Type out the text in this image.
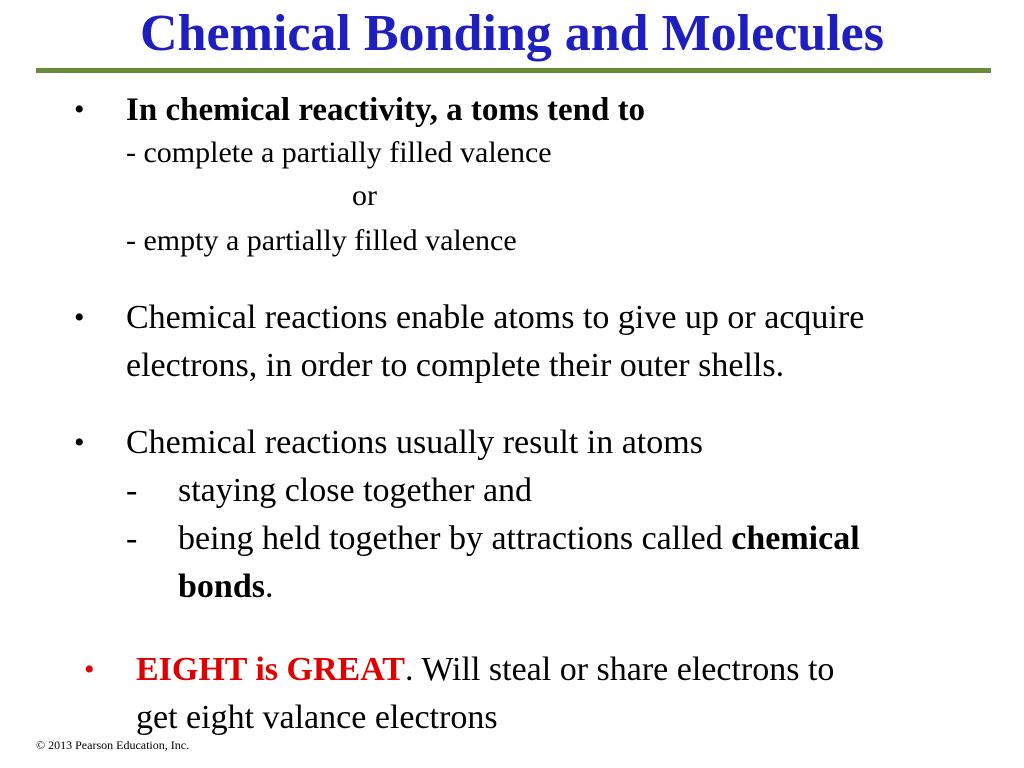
Chemical Bonding and Molecules
• In chemical reactivity, a toms tend to
- complete a partially filled valence
or
- empty a partially filled valence
• Chemical reactions enable atoms to give up or acquire
electrons, in order to complete their outer shells.
• Chemical reactions usually result in atoms
- staying close together and
- being held together by attractions called chemical
bonds.
• EIGHT is GREAT. Will steal or share electrons to
get eight valance electrons
© 2013 Pearson Education, Inc.
